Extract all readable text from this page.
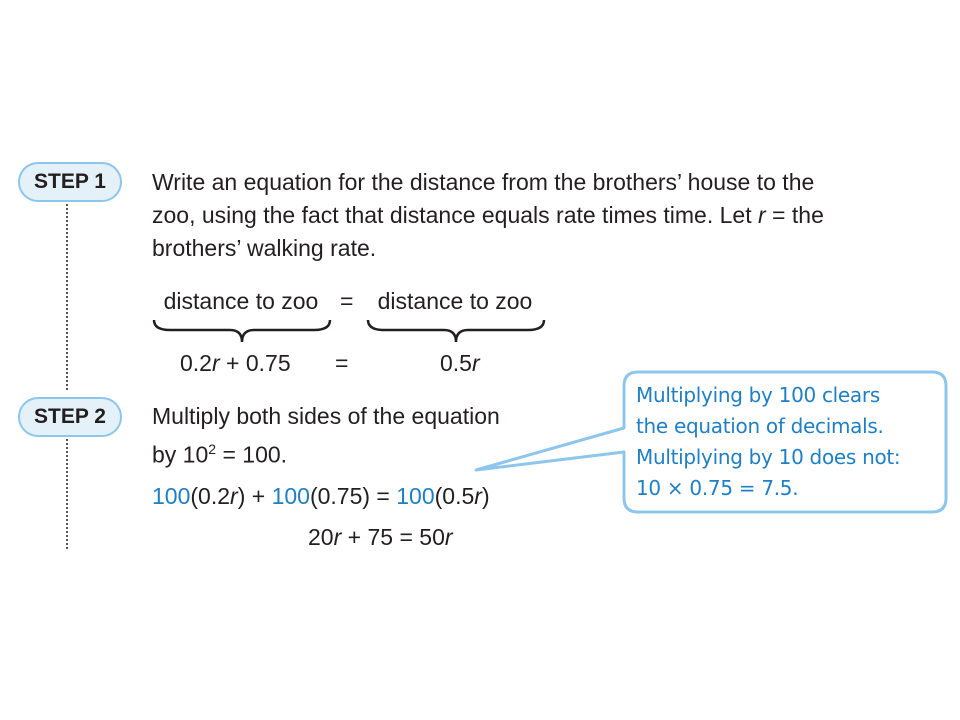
STEP 1	Write an equation for the distance from the brothers’ house to the
zoo, using the fact that distance equals rate times time. Let r = the
brothers’ walking rate.
distance to zoo =	distance to zoo
0.2r + 0.75 =	0.5r
STEP 2	Multiply both sides of the equation
by $10^2 = 100$.
100(0.2r) + 100(0.75) = 100(0.5r)
20r + 75 = 50r
Multiplying by 100 clears
the equation of decimals.
Multiplying by 10 does not:
10 × 0.75 = 7.5.
